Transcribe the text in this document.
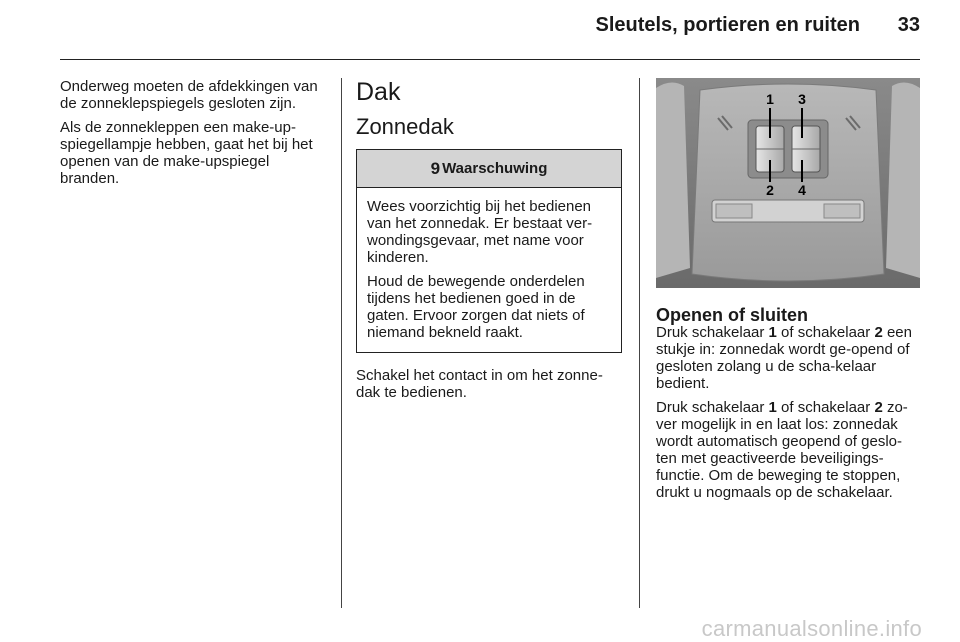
Sleutels, portieren en ruiten 33

Onderweg moeten de afdekkingen van de zonneklepspiegels gesloten zijn.

Als de zonnekleppen een make-up-spiegellampje hebben, gaat het bij het openen van de make-upspiegel branden.

Dak
Zonnedak
9 Waarschuwing

Wees voorzichtig bij het bedienen van het zonnedak. Er bestaat ver-wondingsgevaar, met name voor kinderen.

Houd de bewegende onderdelen tijdens het bedienen goed in de gaten. Ervoor zorgen dat niets of niemand bekneld raakt.

Schakel het contact in om het zonne-dak te bedienen.

1 3
2 4
Openen of sluiten

Druk schakelaar 1 of schakelaar 2 een stukje in: zonnedak wordt ge-opend of gesloten zolang u de scha-kelaar bedient.

Druk schakelaar 1 of schakelaar 2 zo-ver mogelijk in en laat los: zonnedak wordt automatisch geopend of geslo-ten met geactiveerde beveiligings-functie. Om de beweging te stoppen, drukt u nogmaals op de schakelaar.

carmanualsonline.info
